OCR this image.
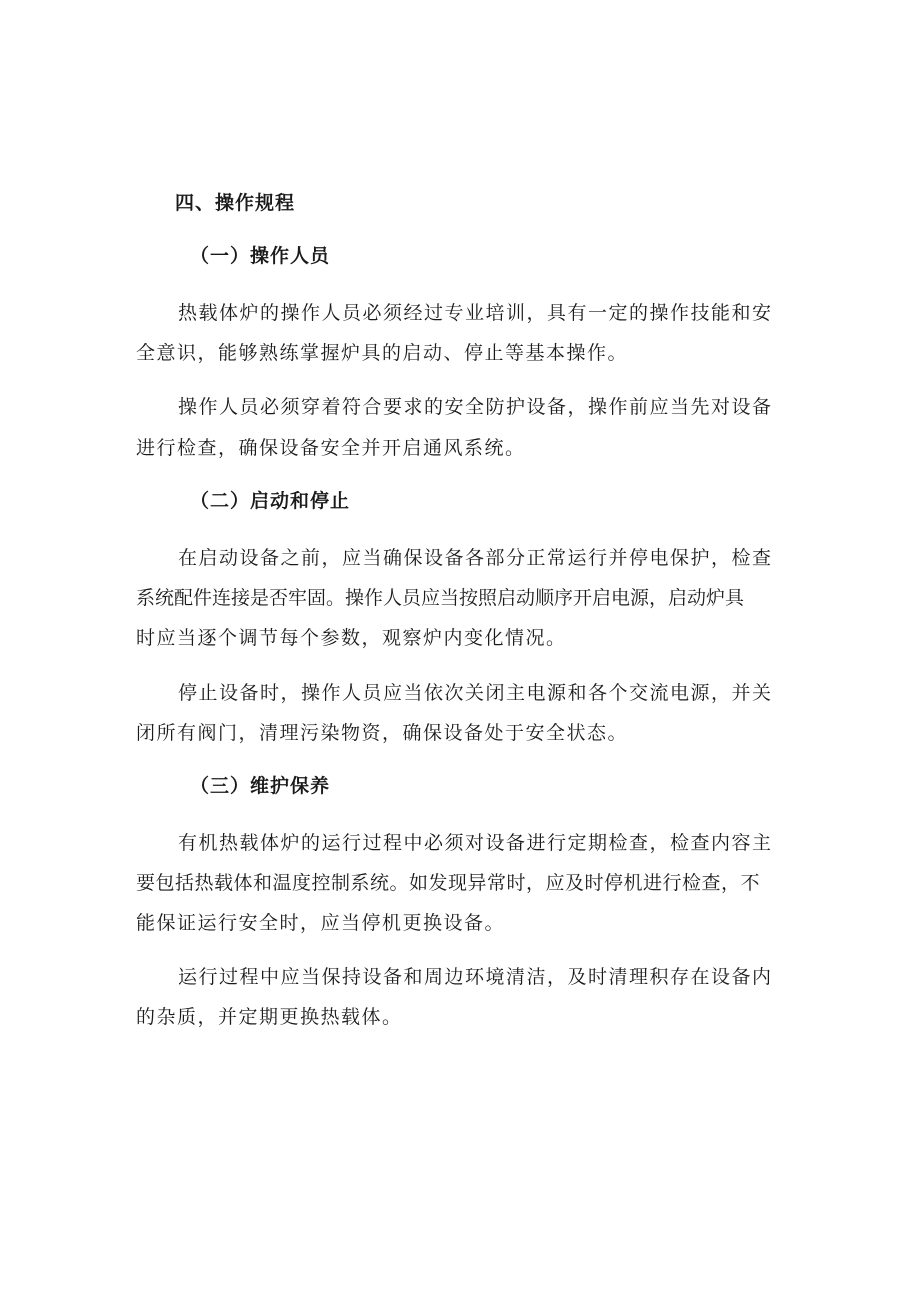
四、操作规程
（一）操作人员

热载体炉的操作人员必须经过专业培训，具有一定的操作技能和安

全意识，能够熟练掌握炉具的启动、停止等基本操作。

操作人员必须穿着符合要求的安全防护设备，操作前应当先对设备

进行检查，确保设备安全并开启通风系统。

（二）启动和停止

在启动设备之前，应当确保设备各部分正常运行并停电保护，检查

系统配件连接是否牢固。操作人员应当按照启动顺序开启电源，启动炉具

时应当逐个调节每个参数，观察炉内变化情况。

停止设备时，操作人员应当依次关闭主电源和各个交流电源，并关

闭所有阀门，清理污染物资，确保设备处于安全状态。

（三）维护保养

有机热载体炉的运行过程中必须对设备进行定期检查，检查内容主

要包括热载体和温度控制系统。如发现异常时，应及时停机进行检查，不

能保证运行安全时，应当停机更换设备。

运行过程中应当保持设备和周边环境清洁，及时清理积存在设备内

的杂质，并定期更换热载体。
